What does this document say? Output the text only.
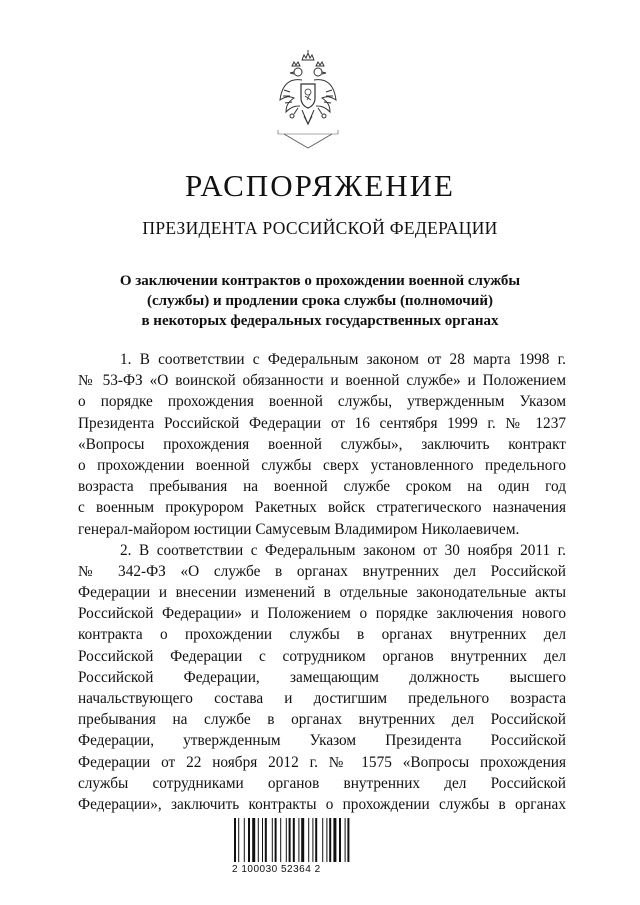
РАСПОРЯЖЕНИЕ
ПРЕЗИДЕНТА РОССИЙСКОЙ ФЕДЕРАЦИИ
О заключении контрактов о прохождении военной службы
(службы) и продлении срока службы (полномочий)
в некоторых федеральных государственных органах
1. В соответствии с Федеральным законом от 28 марта 1998 г.
№ 53-ФЗ «О воинской обязанности и военной службе» и Положением
о порядке прохождения военной службы, утвержденным Указом
Президента Российской Федерации от 16 сентября 1999 г. № 1237
«Вопросы прохождения военной службы», заключить контракт
о прохождении военной службы сверх установленного предельного
возраста пребывания на военной службе сроком на один год
с военным прокурором Ракетных войск стратегического назначения
генерал-майором юстиции Самусевым Владимиром Николаевичем.
2. В соответствии с Федеральным законом от 30 ноября 2011 г.
№ 342-ФЗ «О службе в органах внутренних дел Российской
Федерации и внесении изменений в отдельные законодательные акты
Российской Федерации» и Положением о порядке заключения нового
контракта о прохождении службы в органах внутренних дел
Российской Федерации с сотрудником органов внутренних дел
Российской Федерации, замещающим должность высшего
начальствующего состава и достигшим предельного возраста
пребывания на службе в органах внутренних дел Российской
Федерации, утвержденным Указом Президента Российской
Федерации от 22 ноября 2012 г. № 1575 «Вопросы прохождения
службы сотрудниками органов внутренних дел Российской
Федерации», заключить контракты о прохождении службы в органах
2 100030 52364 2
